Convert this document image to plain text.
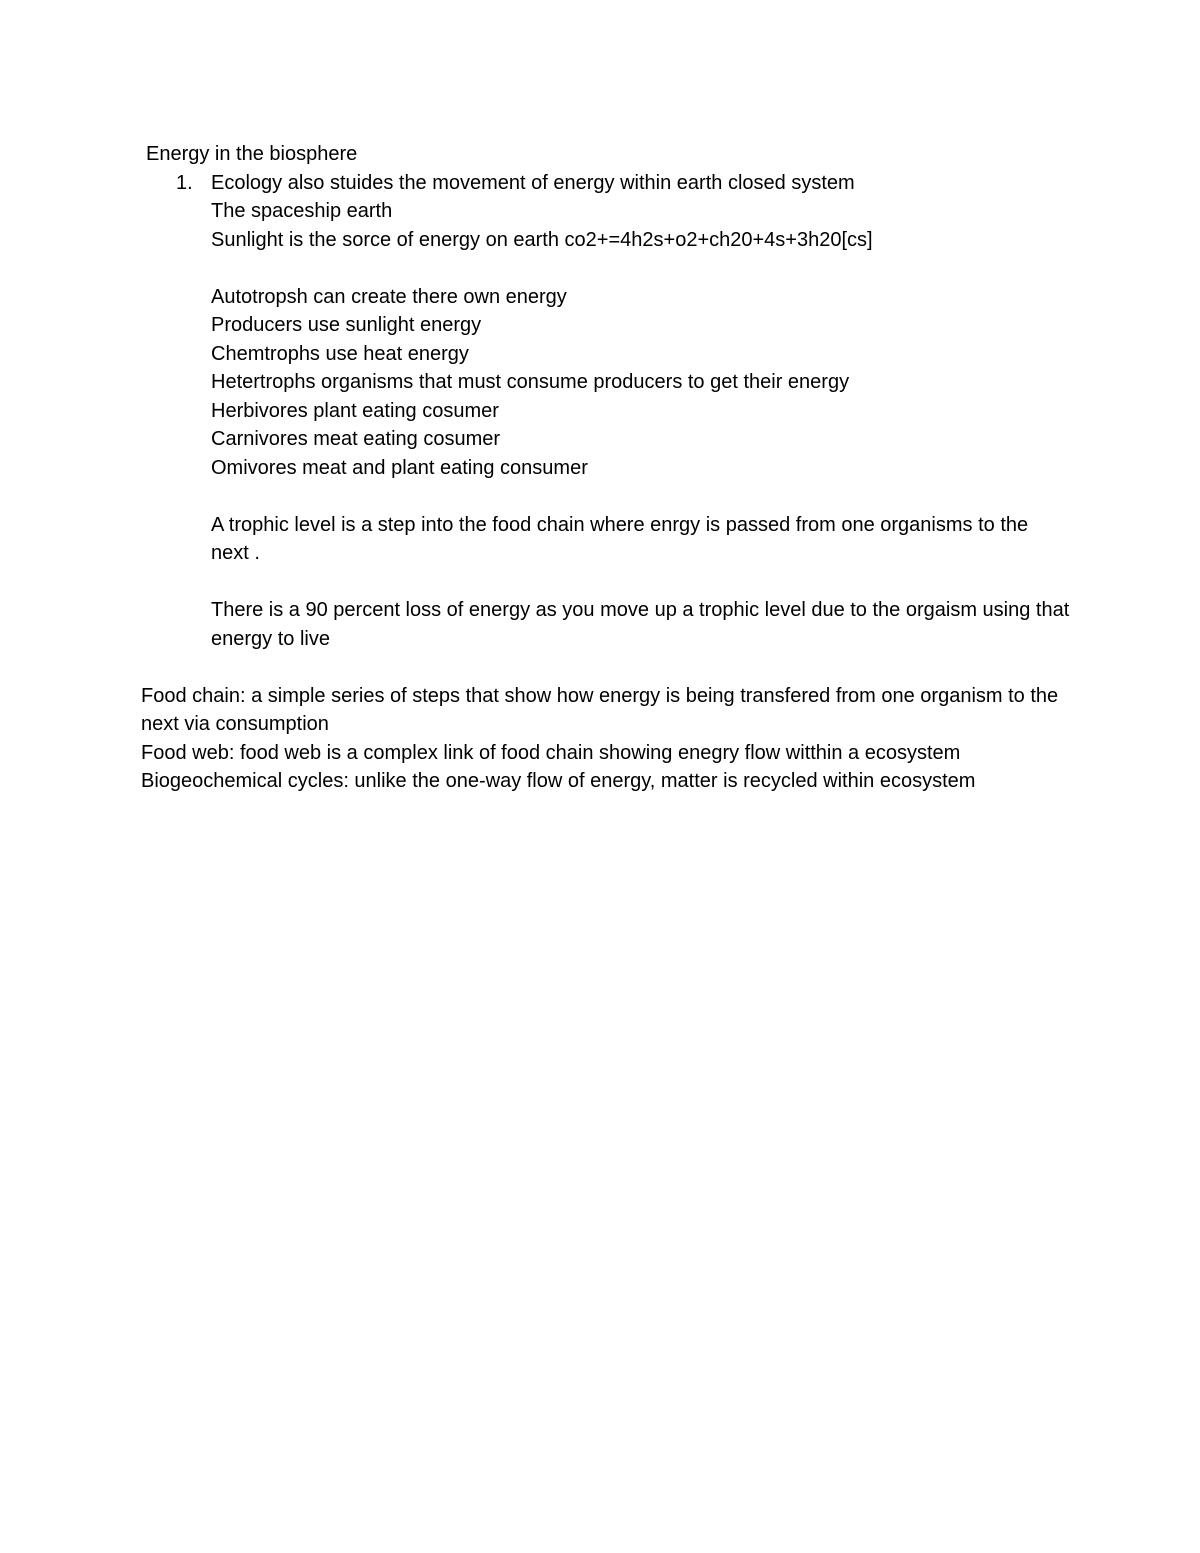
Energy in the biosphere
1. Ecology also stuides the movement of energy within earth closed system
The spaceship earth
Sunlight is the sorce of energy on earth co2+=4h2s+o2+ch20+4s+3h20[cs]
Autotropsh can create there own energy
Producers use sunlight energy
Chemtrophs use heat energy
Hetertrophs organisms that must consume producers to get their energy
Herbivores plant eating cosumer
Carnivores meat eating cosumer
Omivores meat and plant eating consumer
A trophic level is a step into the food chain where enrgy is passed from one organisms to the next .
There is a 90 percent loss of energy as you move up a trophic level due to the orgaism using that energy to live
Food chain: a simple series of steps that show how energy is being transfered from one organism to the next via consumption
Food web: food web is a complex link of food chain showing enegry flow witthin a ecosystem
Biogeochemical cycles: unlike the one-way flow of energy, matter is recycled within ecosystem
